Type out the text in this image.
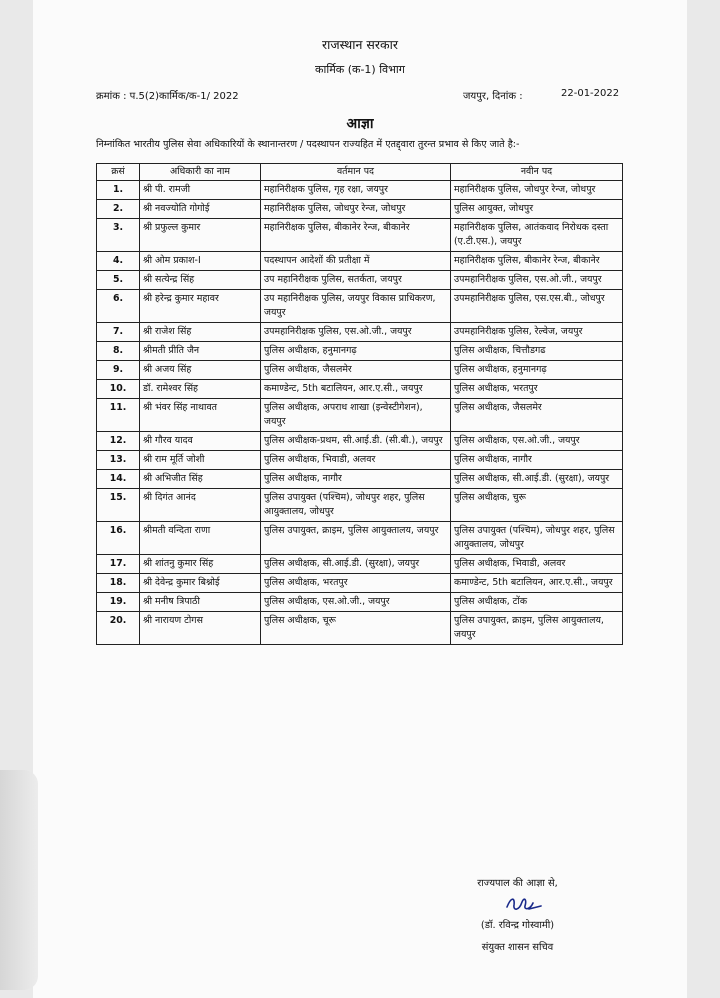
राजस्थान सरकार
कार्मिक (क-1) विभाग
क्रमांक : प.5(2)कार्मिक/क-1/ 2022	जयपुर, दिनांक :	22-01-2022
आज्ञा
निम्नांकित भारतीय पुलिस सेवा अधिकारियों के स्थानान्तरण / पदस्थापन राज्यहित में एतद्द्वारा तुरन्त प्रभाव से किए जाते है:-
क्रसं	अधिकारी का नाम	वर्तमान पद	नवीन पद
1.	श्री पी. रामजी	महानिरीक्षक पुलिस, गृह रक्षा, जयपुर	महानिरीक्षक पुलिस, जोधपुर रेन्ज, जोधपुर
2.	श्री नवज्योति गोगोई	महानिरीक्षक पुलिस, जोधपुर रेन्ज, जोधपुर	पुलिस आयुक्त, जोधपुर
3.	श्री प्रफुल्ल कुमार	महानिरीक्षक पुलिस, बीकानेर रेन्ज, बीकानेर	महानिरीक्षक पुलिस, आतंकवाद निरोधक दस्ता (ए.टी.एस.), जयपुर
4.	श्री ओम प्रकाश-I	पदस्थापन आदेशों की प्रतीक्षा में	महानिरीक्षक पुलिस, बीकानेर रेन्ज, बीकानेर
5.	श्री सत्येन्द्र सिंह	उप महानिरीक्षक पुलिस, सतर्कता, जयपुर	उपमहानिरीक्षक पुलिस, एस.ओ.जी., जयपुर
6.	श्री हरेन्द्र कुमार महावर	उप महानिरीक्षक पुलिस, जयपुर विकास प्राधिकरण, जयपुर	उपमहानिरीक्षक पुलिस, एस.एस.बी., जोधपुर
7.	श्री राजेश सिंह	उपमहानिरीक्षक पुलिस, एस.ओ.जी., जयपुर	उपमहानिरीक्षक पुलिस, रेल्वेज, जयपुर
8.	श्रीमती प्रीति जैन	पुलिस अधीक्षक, हनुमानगढ़	पुलिस अधीक्षक, चित्तौडगढ
9.	श्री अजय सिंह	पुलिस अधीक्षक, जैसलमेर	पुलिस अधीक्षक, हनुमानगढ़
10.	डॉ. रामेश्वर सिंह	कमाण्डेन्ट, 5th बटालियन, आर.ए.सी., जयपुर	पुलिस अधीक्षक, भरतपुर
11.	श्री भंवर सिंह नाथावत	पुलिस अधीक्षक, अपराध शाखा (इन्वेस्टीगेशन), जयपुर	पुलिस अधीक्षक, जैसलमेर
12.	श्री गौरव यादव	पुलिस अधीक्षक-प्रथम, सी.आई.डी. (सी.बी.), जयपुर	पुलिस अधीक्षक, एस.ओ.जी., जयपुर
13.	श्री राम मूर्ति जोशी	पुलिस अधीक्षक, भिवाडी, अलवर	पुलिस अधीक्षक, नागौर
14.	श्री अभिजीत सिंह	पुलिस अधीक्षक, नागौर	पुलिस अधीक्षक, सी.आई.डी. (सुरक्षा), जयपुर
15.	श्री दिगंत आनंद	पुलिस उपायुक्त (पश्चिम), जोधपुर शहर, पुलिस आयुक्तालय, जोधपुर	पुलिस अधीक्षक, चुरू
16.	श्रीमती वन्दिता राणा	पुलिस उपायुक्त, क्राइम, पुलिस आयुक्तालय, जयपुर	पुलिस उपायुक्त (पश्चिम), जोधपुर शहर, पुलिस आयुक्तालय, जोधपुर
17.	श्री शांतनु कुमार सिंह	पुलिस अधीक्षक, सी.आई.डी. (सुरक्षा), जयपुर	पुलिस अधीक्षक, भिवाडी, अलवर
18.	श्री देवेन्द्र कुमार बिश्नोई	पुलिस अधीक्षक, भरतपुर	कमाण्डेन्ट, 5th बटालियन, आर.ए.सी., जयपुर
19.	श्री मनीष त्रिपाठी	पुलिस अधीक्षक, एस.ओ.जी., जयपुर	पुलिस अधीक्षक, टोंक
20.	श्री नारायण टोगस	पुलिस अधीक्षक, चूरू	पुलिस उपायुक्त, क्राइम, पुलिस आयुक्तालय, जयपुर
राज्यपाल की आज्ञा से,
(डॉ. रविन्द्र गोस्वामी)
संयुक्त शासन सचिव
